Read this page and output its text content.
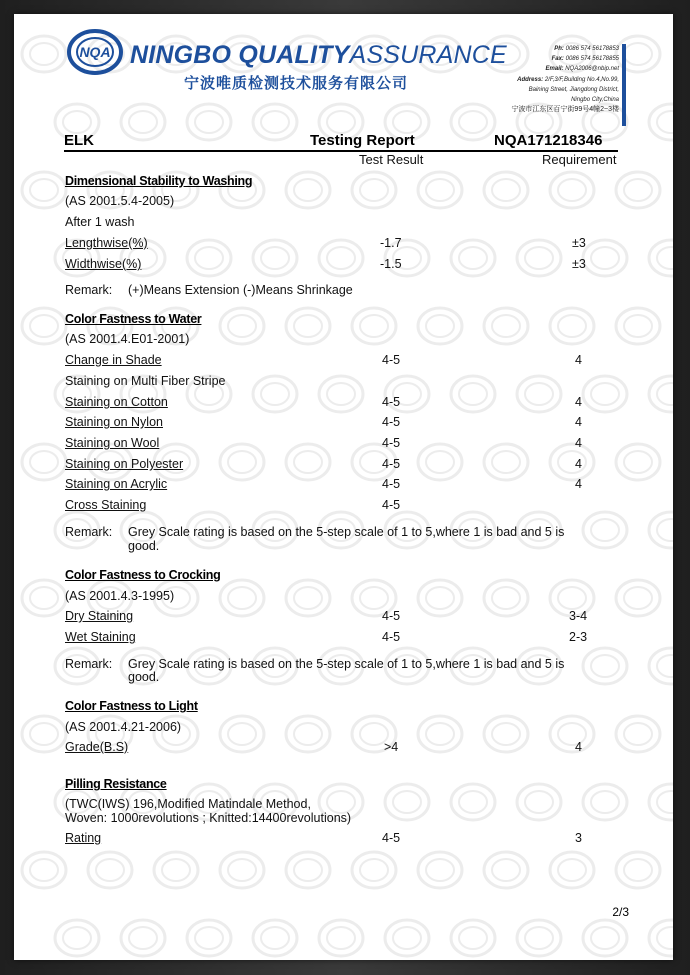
NQA NINGBO QUALITYASSURANCE
宁波唯质检测技术服务有限公司
Ph: 0086 574 56178853
Fax: 0086 574 56178855
Email: NQA2006@nbip.net
Address: 2/F,3/F,Building No.4,No.99,
Baining Street, Jiangdong District,
Ningbo City,China
宁波市江东区百宁街99号4幢2~3楼
ELK	Testing Report	NQA171218346
Test Result	Requirement
Dimensional Stability to Washing
(AS 2001.5.4-2005)
After 1 wash
Lengthwise(%)	-1.7	±3
Widthwise(%)	-1.5	±3
Remark: (+)Means Extension (-)Means Shrinkage
Color Fastness to Water
(AS 2001.4.E01-2001)
Change in Shade	4-5	4
Staining on Multi Fiber Stripe
Staining on Cotton	4-5	4
Staining on Nylon	4-5	4
Staining on Wool	4-5	4
Staining on Polyester	4-5	4
Staining on Acrylic	4-5	4
Cross Staining	4-5
Remark: Grey Scale rating is based on the 5-step scale of 1 to 5,where 1 is bad and 5 is
good.
Color Fastness to Crocking
(AS 2001.4.3-1995)
Dry Staining	4-5	3-4
Wet Staining	4-5	2-3
Remark: Grey Scale rating is based on the 5-step scale of 1 to 5,where 1 is bad and 5 is
good.
Color Fastness to Light
(AS 2001.4.21-2006)
Grade(B.S)	>4	4
Pilling Resistance
(TWC(IWS) 196,Modified Matindale Method,
Woven: 1000revolutions ; Knitted:14400revolutions)
Rating	4-5	3
2/3
